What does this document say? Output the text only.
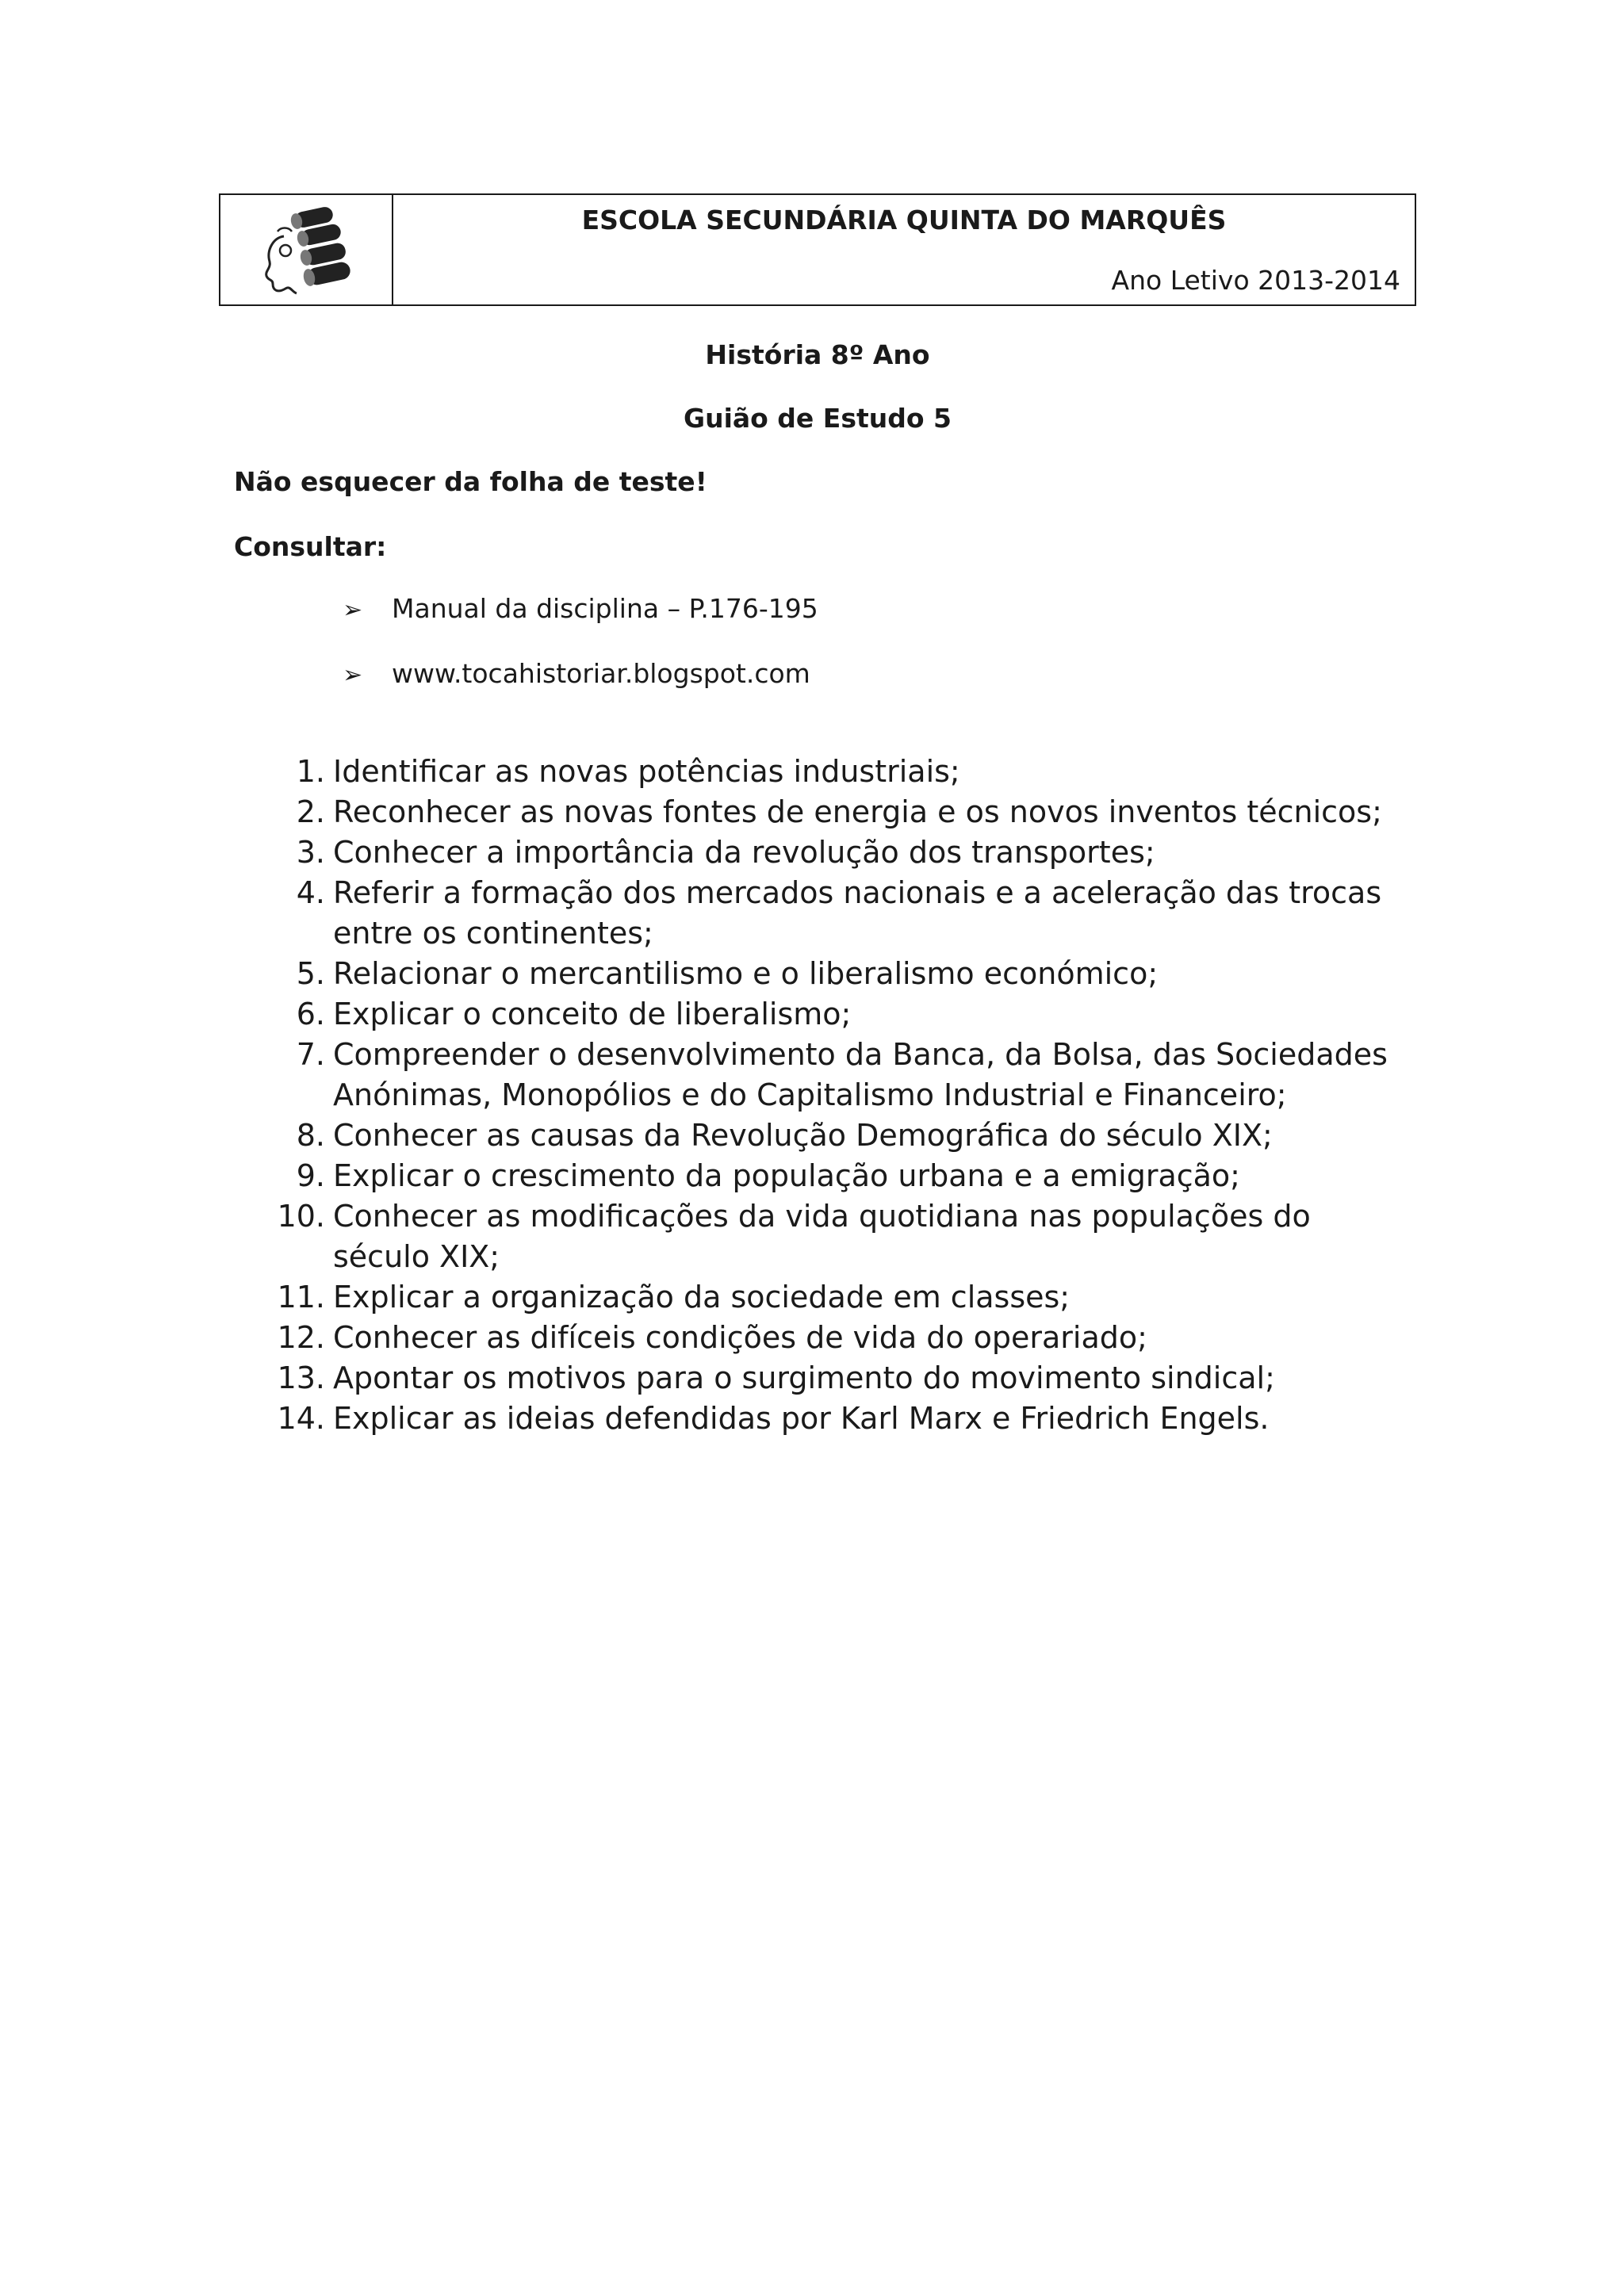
ESCOLA SECUNDÁRIA QUINTA DO MARQUÊS
Ano Letivo 2013-2014
História 8º Ano
Guião de Estudo 5
Não esquecer da folha de teste!
Consultar:
➢ Manual da disciplina – P.176-195
➢ www.tocahistoriar.blogspot.com
1. Identificar as novas potências industriais;
2. Reconhecer as novas fontes de energia e os novos inventos técnicos;
3. Conhecer a importância da revolução dos transportes;
4. Referir a formação dos mercados nacionais e a aceleração das trocas entre os continentes;
5. Relacionar o mercantilismo e o liberalismo económico;
6. Explicar o conceito de liberalismo;
7. Compreender o desenvolvimento da Banca, da Bolsa, das Sociedades Anónimas, Monopólios e do Capitalismo Industrial e Financeiro;
8. Conhecer as causas da Revolução Demográfica do século XIX;
9. Explicar o crescimento da população urbana e a emigração;
10. Conhecer as modificações da vida quotidiana nas populações do século XIX;
11. Explicar a organização da sociedade em classes;
12. Conhecer as difíceis condições de vida do operariado;
13. Apontar os motivos para o surgimento do movimento sindical;
14. Explicar as ideias defendidas por Karl Marx e Friedrich Engels.
